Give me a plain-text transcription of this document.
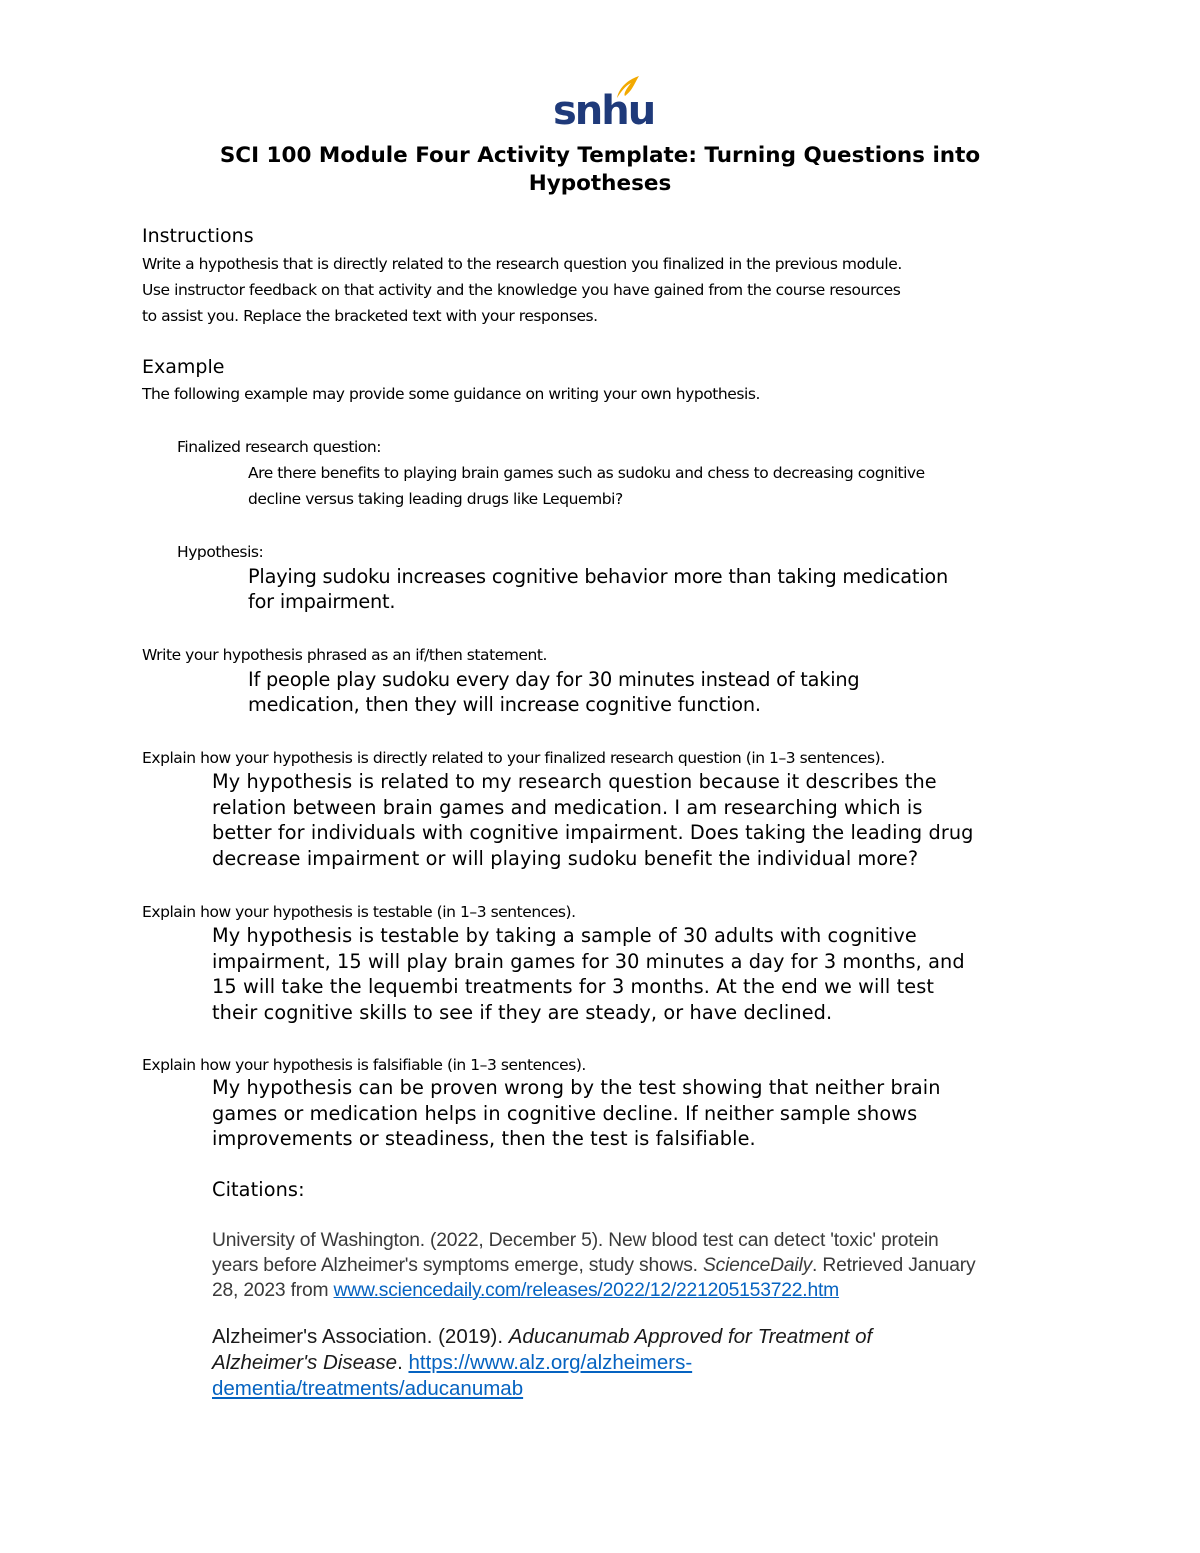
snhu
SCI 100 Module Four Activity Template: Turning Questions into
Hypotheses
Instructions
Write a hypothesis that is directly related to the research question you finalized in the previous module.
Use instructor feedback on that activity and the knowledge you have gained from the course resources
to assist you. Replace the bracketed text with your responses.
Example
The following example may provide some guidance on writing your own hypothesis.
Finalized research question:
Are there benefits to playing brain games such as sudoku and chess to decreasing cognitive
decline versus taking leading drugs like Lequembi?
Hypothesis:
Playing sudoku increases cognitive behavior more than taking medication
for impairment.
Write your hypothesis phrased as an if/then statement.
If people play sudoku every day for 30 minutes instead of taking
medication, then they will increase cognitive function.
Explain how your hypothesis is directly related to your finalized research question (in 1–3 sentences).
My hypothesis is related to my research question because it describes the
relation between brain games and medication. I am researching which is
better for individuals with cognitive impairment. Does taking the leading drug
decrease impairment or will playing sudoku benefit the individual more?
Explain how your hypothesis is testable (in 1–3 sentences).
My hypothesis is testable by taking a sample of 30 adults with cognitive
impairment, 15 will play brain games for 30 minutes a day for 3 months, and
15 will take the lequembi treatments for 3 months. At the end we will test
their cognitive skills to see if they are steady, or have declined.
Explain how your hypothesis is falsifiable (in 1–3 sentences).
My hypothesis can be proven wrong by the test showing that neither brain
games or medication helps in cognitive decline. If neither sample shows
improvements or steadiness, then the test is falsifiable.
Citations:
University of Washington. (2022, December 5). New blood test can detect 'toxic' protein
years before Alzheimer's symptoms emerge, study shows. ScienceDaily. Retrieved January
28, 2023 from www.sciencedaily.com/releases/2022/12/221205153722.htm
Alzheimer's Association. (2019). Aducanumab Approved for Treatment of
Alzheimer's Disease. https://www.alz.org/alzheimers-
dementia/treatments/aducanumab
